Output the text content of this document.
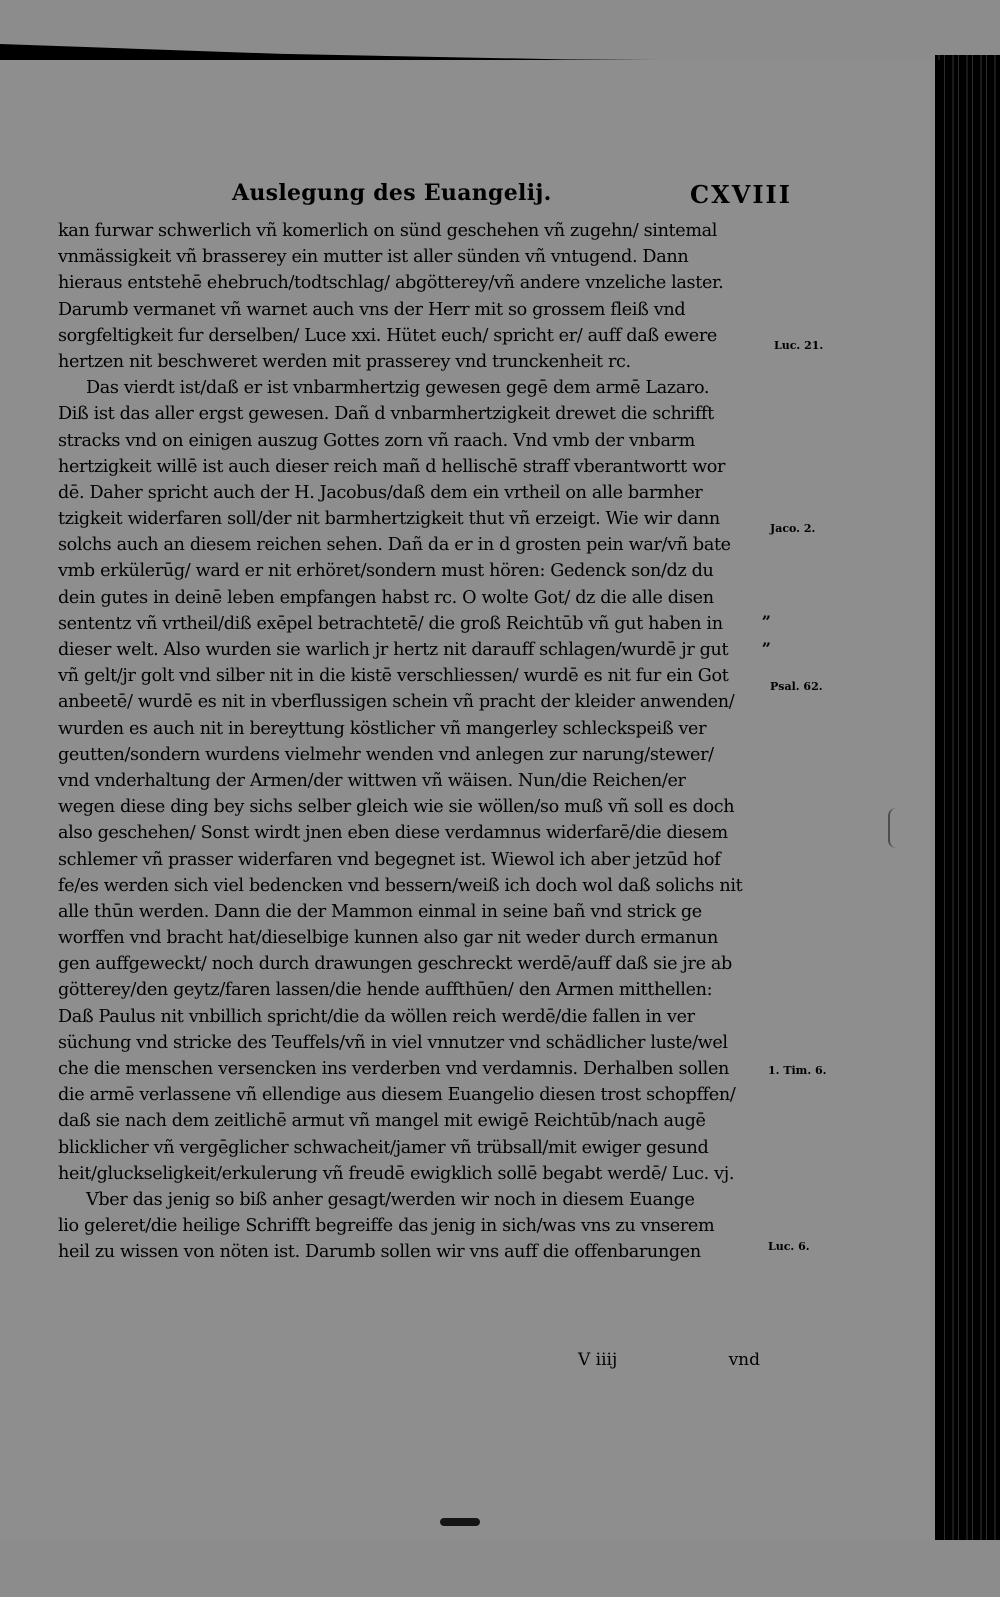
Auslegung des Euangelij.	CXVIII
kan furwar schwerlich vñ komerlich on sünd geschehen vñ zugehn/ sintemal
vnmässigkeit vñ brasserey ein mutter ist aller sünden vñ vntugend. Dann
hieraus entstehē ehebruch/todtschlag/ abgötterey/vñ andere vnzeliche laster.
Darumb vermanet vñ warnet auch vns der Herr mit so grossem fleiß vnd
sorgfeltigkeit fur derselben/ Luce xxi. Hütet euch/ spricht er/ auff daß ewere
hertzen nit beschweret werden mit prasserey vnd trunckenheit rc.
Das vierdt ist/daß er ist vnbarmhertzig gewesen gegē dem armē Lazaro.
Diß ist das aller ergst gewesen. Dañ d vnbarmhertzigkeit drewet die schrifft
stracks vnd on einigen auszug Gottes zorn vñ raach. Vnd vmb der vnbarm
hertzigkeit willē ist auch dieser reich mañ d hellischē straff vberantwortt wor
dē. Daher spricht auch der H. Jacobus/daß dem ein vrtheil on alle barmher
tzigkeit widerfaren soll/der nit barmhertzigkeit thut vñ erzeigt. Wie wir dann
solchs auch an diesem reichen sehen. Dañ da er in d grosten pein war/vñ bate
vmb erkülerūg/ ward er nit erhöret/sondern must hören: Gedenck son/dz du
dein gutes in deinē leben empfangen habst rc. O wolte Got/ dz die alle disen
sententz vñ vrtheil/diß exēpel betrachtetē/ die groß Reichtūb vñ gut haben in
dieser welt. Also wurden sie warlich jr hertz nit darauff schlagen/wurdē jr gut
vñ gelt/jr golt vnd silber nit in die kistē verschliessen/ wurdē es nit fur ein Got
anbeetē/ wurdē es nit in vberflussigen schein vñ pracht der kleider anwenden/
wurden es auch nit in bereyttung köstlicher vñ mangerley schleckspeiß ver
geutten/sondern wurdens vielmehr wenden vnd anlegen zur narung/stewer/
vnd vnderhaltung der Armen/der wittwen vñ wäisen. Nun/die Reichen/er
wegen diese ding bey sichs selber gleich wie sie wöllen/so muß vñ soll es doch
also geschehen/ Sonst wirdt jnen eben diese verdamnus widerfarē/die diesem
schlemer vñ prasser widerfaren vnd begegnet ist. Wiewol ich aber jetzūd hof
fe/es werden sich viel bedencken vnd bessern/weiß ich doch wol daß solichs nit
alle thūn werden. Dann die der Mammon einmal in seine bañ vnd strick ge
worffen vnd bracht hat/dieselbige kunnen also gar nit weder durch ermanun
gen auffgeweckt/ noch durch drawungen geschreckt werdē/auff daß sie jre ab
götterey/den geytz/faren lassen/die hende auffthūen/ den Armen mitthellen:
Daß Paulus nit vnbillich spricht/die da wöllen reich werdē/die fallen in ver
süchung vnd stricke des Teuffels/vñ in viel vnnutzer vnd schädlicher luste/wel
che die menschen versencken ins verderben vnd verdamnis. Derhalben sollen
die armē verlassene vñ ellendige aus diesem Euangelio diesen trost schopffen/
daß sie nach dem zeitlichē armut vñ mangel mit ewigē Reichtūb/nach augē
blicklicher vñ vergēglicher schwacheit/jamer vñ trübsall/mit ewiger gesund
heit/gluckseligkeit/erkulerung vñ freudē ewigklich sollē begabt werdē/ Luc. vj.
Vber das jenig so biß anher gesagt/werden wir noch in diesem Euange
lio geleret/die heilige Schrifft begreiffe das jenig in sich/was vns zu vnserem
heil zu wissen von nöten ist. Darumb sollen wir vns auff die offenbarungen
Luc. 21.
Jaco. 2.
„
„
Psal. 62.
1. Tim. 6.
Luc. 6.
V iiij	vnd
